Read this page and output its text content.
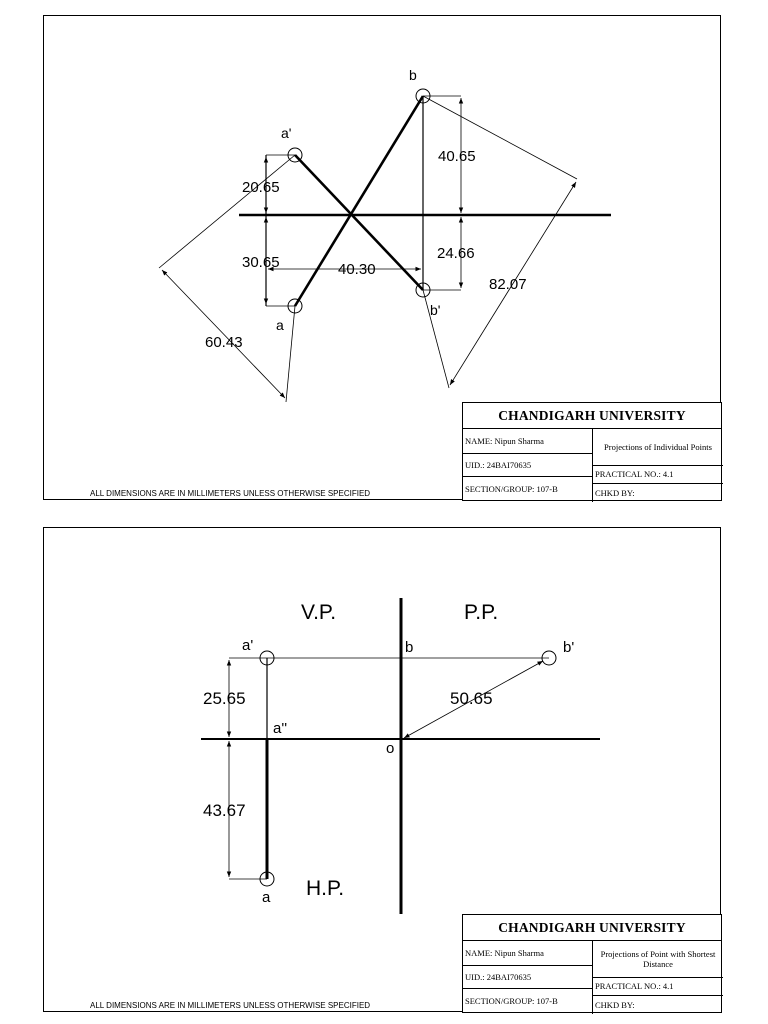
b
a'
a
b'
40.65
20.65
30.65	40.30
24.66
82.07
60.43
ALL DIMENSIONS ARE IN MILLIMETERS UNLESS OTHERWISE SPECIFIED
CHANDIGARH UNIVERSITY
NAME: Nipun Sharma
UID.: 24BAI70635
SECTION/GROUP: 107-B
Projections of Individual Points
PRACTICAL NO.: 4.1
CHKD BY:
V.P.	P.P.
H.P.
a'	b	b'
a''
o
a
25.65	50.65
43.67
ALL DIMENSIONS ARE IN MILLIMETERS UNLESS OTHERWISE SPECIFIED
CHANDIGARH UNIVERSITY
NAME: Nipun Sharma
UID.: 24BAI70635
SECTION/GROUP: 107-B
Projections of Point with Shortest Distance
PRACTICAL NO.: 4.1
CHKD BY:
